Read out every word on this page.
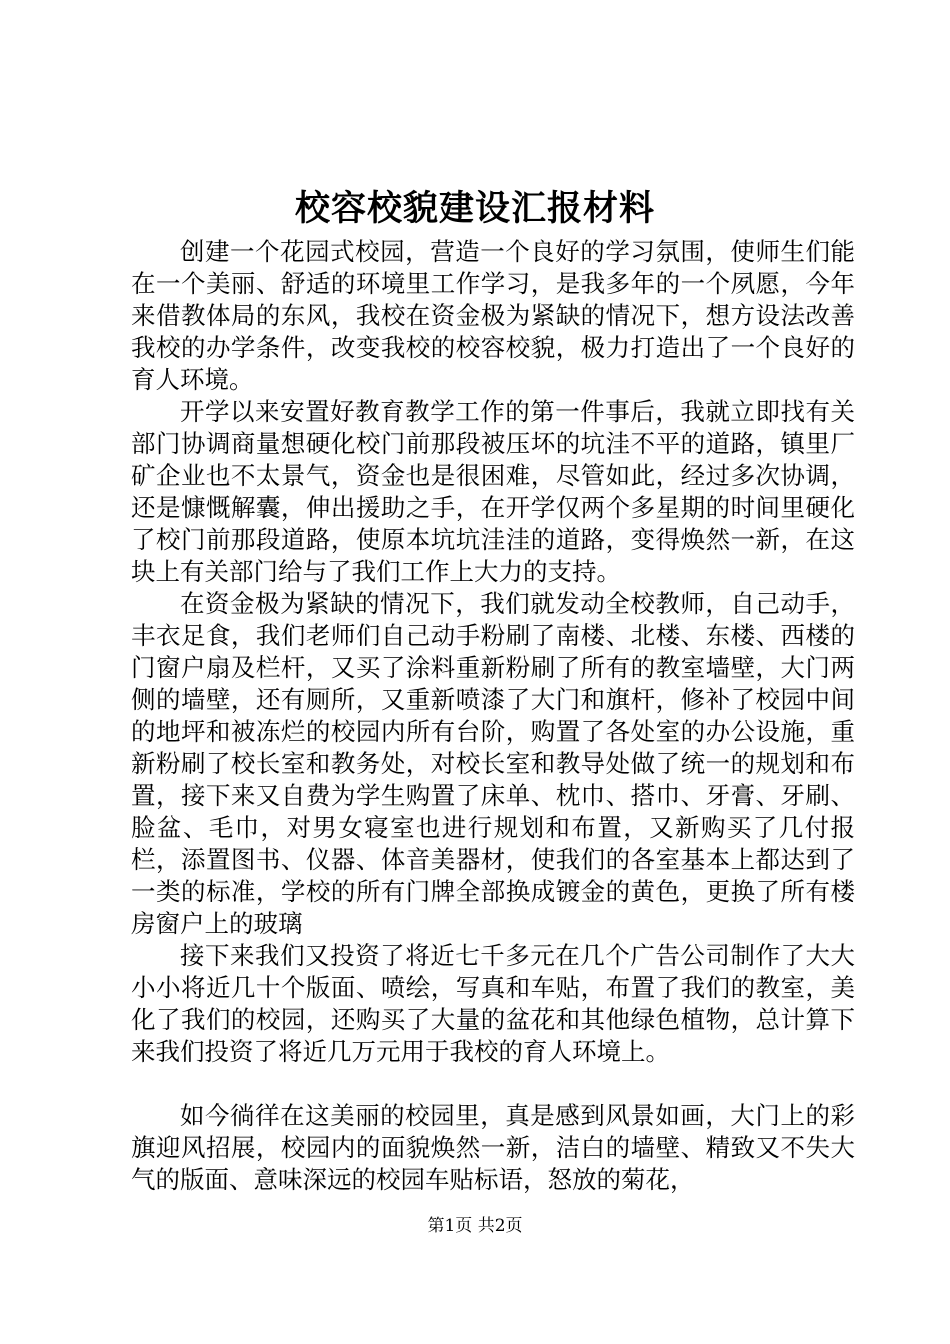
校容校貌建设汇报材料

创建一个花园式校园，营造一个良好的学习氛围，使师生们能在一个美丽、舒适的环境里工作学习，是我多年的一个夙愿，今年来借教体局的东风，我校在资金极为紧缺的情况下，想方设法改善我校的办学条件，改变我校的校容校貌，极力打造出了一个良好的育人环境。

开学以来安置好教育教学工作的第一件事后，我就立即找有关部门协调商量想硬化校门前那段被压坏的坑洼不平的道路，镇里厂矿企业也不太景气，资金也是很困难，尽管如此，经过多次协调，还是慷慨解囊，伸出援助之手，在开学仅两个多星期的时间里硬化了校门前那段道路，使原本坑坑洼洼的道路，变得焕然一新，在这块上有关部门给与了我们工作上大力的支持。

在资金极为紧缺的情况下，我们就发动全校教师，自己动手，丰衣足食，我们老师们自己动手粉刷了南楼、北楼、东楼、西楼的门窗户扇及栏杆，又买了涂料重新粉刷了所有的教室墙壁，大门两侧的墙壁，还有厕所，又重新喷漆了大门和旗杆，修补了校园中间的地坪和被冻烂的校园内所有台阶，购置了各处室的办公设施，重新粉刷了校长室和教务处，对校长室和教导处做了统一的规划和布置，接下来又自费为学生购置了床单、枕巾、搭巾、牙膏、牙刷、脸盆、毛巾，对男女寝室也进行规划和布置，又新购买了几付报栏，添置图书、仪器、体音美器材，使我们的各室基本上都达到了一类的标准，学校的所有门牌全部换成镀金的黄色，更换了所有楼房窗户上的玻璃

接下来我们又投资了将近七千多元在几个广告公司制作了大大小小将近几十个版面、喷绘，写真和车贴，布置了我们的教室，美化了我们的校园，还购买了大量的盆花和其他绿色植物，总计算下来我们投资了将近几万元用于我校的育人环境上。

如今徜徉在这美丽的校园里，真是感到风景如画，大门上的彩旗迎风招展，校园内的面貌焕然一新，洁白的墙壁、精致又不失大气的版面、意味深远的校园车贴标语，怒放的菊花，

第1页 共2页
